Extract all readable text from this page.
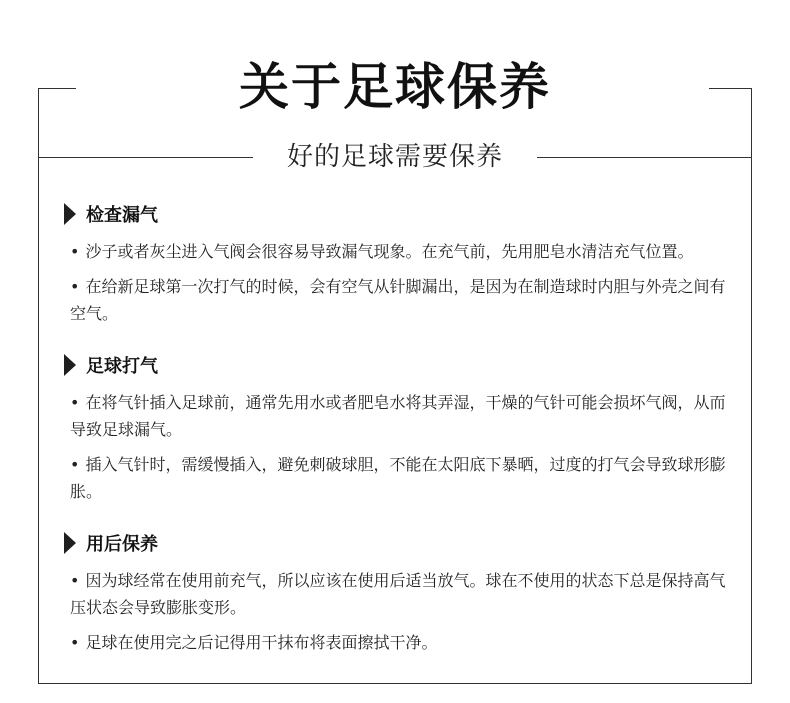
关于足球保养
好的足球需要保养
检查漏气
• 沙子或者灰尘进入气阀会很容易导致漏气现象。在充气前，先用肥皂水清洁充气位置。
• 在给新足球第一次打气的时候，会有空气从针脚漏出，是因为在制造球时内胆与外壳之间有空气。
足球打气
• 在将气针插入足球前，通常先用水或者肥皂水将其弄湿，干燥的气针可能会损坏气阀，从而导致足球漏气。
• 插入气针时，需缓慢插入，避免刺破球胆，不能在太阳底下暴晒，过度的打气会导致球形膨胀。
用后保养
• 因为球经常在使用前充气，所以应该在使用后适当放气。球在不使用的状态下总是保持高气压状态会导致膨胀变形。
• 足球在使用完之后记得用干抹布将表面擦拭干净。
